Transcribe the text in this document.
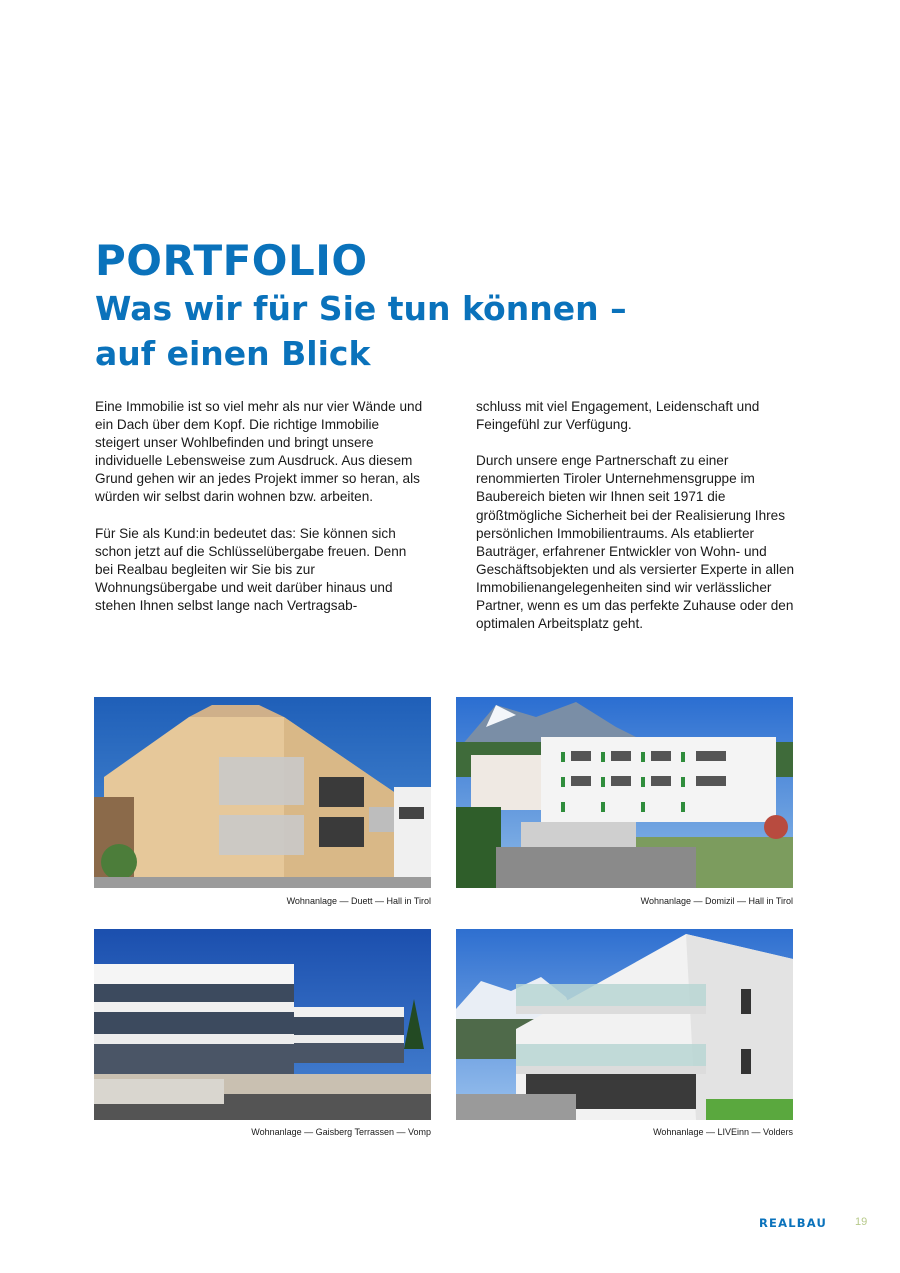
PORTFOLIO
Was wir für Sie tun können –
auf einen Blick

Eine Immobilie ist so viel mehr als nur vier Wände und ein Dach über dem Kopf. Die richtige Immobilie steigert unser Wohlbefinden und bringt unsere individuelle Lebensweise zum Ausdruck. Aus diesem Grund gehen wir an jedes Projekt immer so heran, als würden wir selbst darin wohnen bzw. arbeiten.

Für Sie als Kund:in bedeutet das: Sie können sich schon jetzt auf die Schlüsselübergabe freuen. Denn bei Realbau begleiten wir Sie bis zur Wohnungsübergabe und weit darüber hinaus und stehen Ihnen selbst lange nach Vertragsab-

schluss mit viel Engagement, Leidenschaft und Feingefühl zur Verfügung.

Durch unsere enge Partnerschaft zu einer renommierten Tiroler Unternehmensgruppe im Baubereich bieten wir Ihnen seit 1971 die größtmögliche Sicherheit bei der Realisierung Ihres persönlichen Immobilientraums. Als etablierter Bauträger, erfahrener Entwickler von Wohn- und Geschäftsobjekten und als versierter Experte in allen Immobilienangelegenheiten sind wir verlässlicher Partner, wenn es um das perfekte Zuhause oder den optimalen Arbeitsplatz geht.

Wohnanlage — Duett — Hall in Tirol	Wohnanlage — Domizil — Hall in Tirol
Wohnanlage — Gaisberg Terrassen — Vomp	Wohnanlage — LIVEinn — Volders
REALBAU	19
